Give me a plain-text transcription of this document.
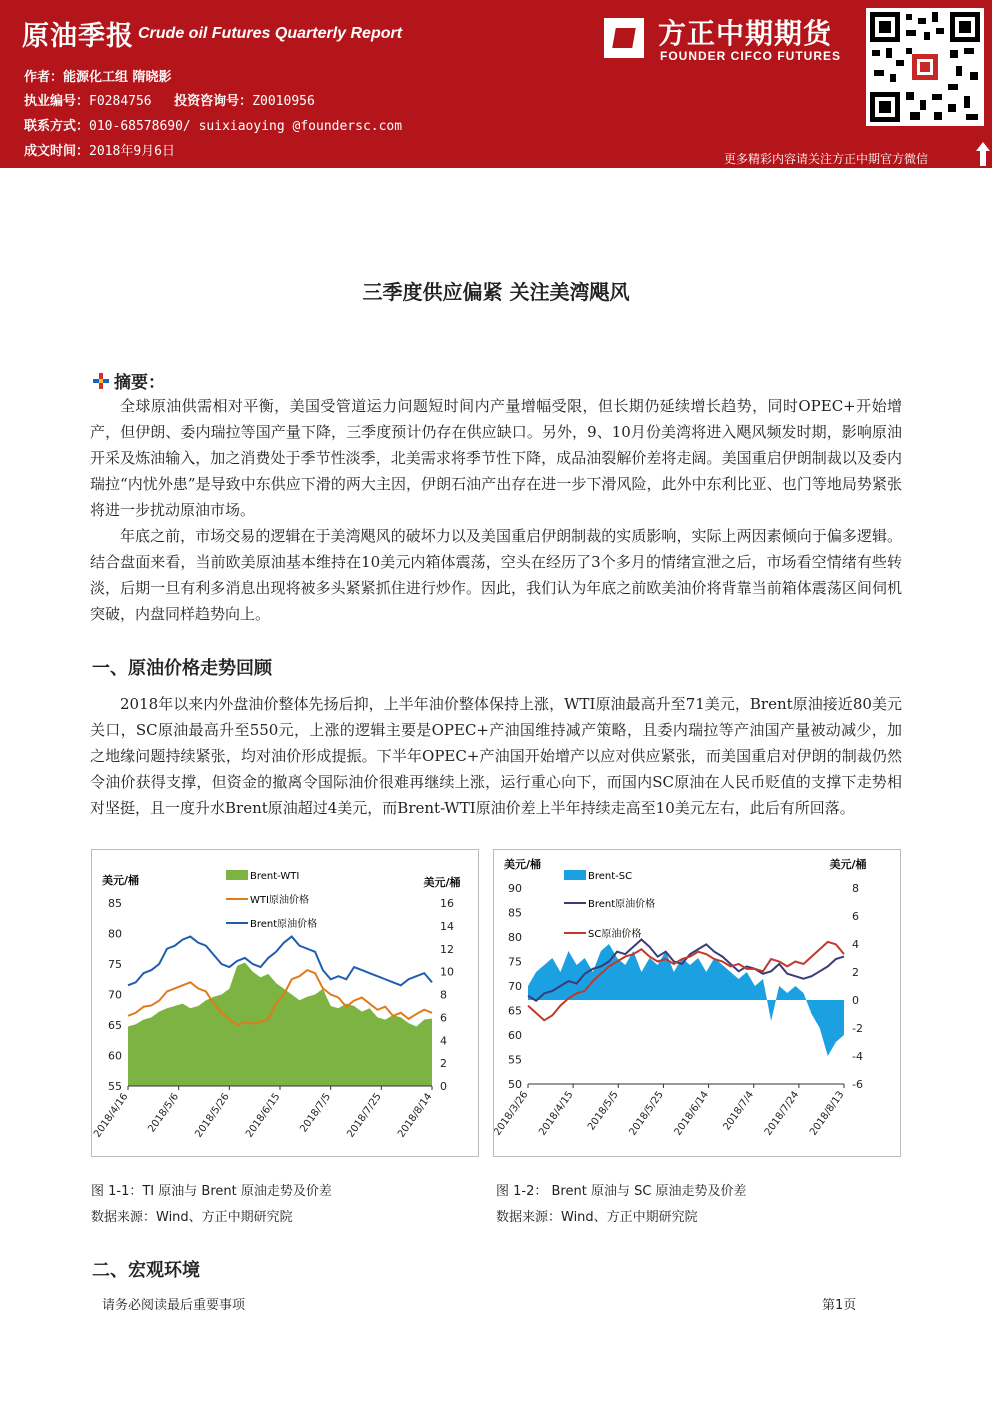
原油季报 Crude oil Futures Quarterly Report
作者：能源化工组 隋晓影
执业编号：F0284756 投资咨询号：Z0010956
联系方式：010-68578690/ suixiaoying @foundersc.com
成文时间：2018年9月6日
方正中期期货
FOUNDER CIFCO FUTURES
更多精彩内容请关注方正中期官方微信
三季度供应偏紧 关注美湾飓风
摘要：
全球原油供需相对平衡，美国受管道运力问题短时间内产量增幅受限，但长期仍延续增长趋势，同时OPEC+开始增产，但伊朗、委内瑞拉等国产量下降，三季度预计仍存在供应缺口。另外，9、10月份美湾将进入飓风频发时期，影响原油开采及炼油输入，加之消费处于季节性淡季，北美需求将季节性下降，成品油裂解价差将走阔。美国重启伊朗制裁以及委内瑞拉“内忧外患”是导致中东供应下滑的两大主因，伊朗石油产出存在进一步下滑风险，此外中东利比亚、也门等地局势紧张将进一步扰动原油市场。
年底之前，市场交易的逻辑在于美湾飓风的破坏力以及美国重启伊朗制裁的实质影响，实际上两因素倾向于偏多逻辑。结合盘面来看，当前欧美原油基本维持在10美元内箱体震荡，空头在经历了3个多月的情绪宣泄之后，市场看空情绪有些转淡，后期一旦有利多消息出现将被多头紧紧抓住进行炒作。因此，我们认为年底之前欧美油价将背靠当前箱体震荡区间伺机突破，内盘同样趋势向上。
一、原油价格走势回顾
2018年以来内外盘油价整体先扬后抑，上半年油价整体保持上涨，WTI原油最高升至71美元，Brent原油接近80美元关口，SC原油最高升至550元，上涨的逻辑主要是OPEC+产油国维持减产策略，且委内瑞拉等产油国产量被动减少，加之地缘问题持续紧张，均对油价形成提振。下半年OPEC+产油国开始增产以应对供应紧张，而美国重启对伊朗的制裁仍然令油价获得支撑，但资金的撤离令国际油价很难再继续上涨，运行重心向下，而国内SC原油在人民币贬值的支撑下走势相对坚挺，且一度升水Brent原油超过4美元，而Brent-WTI原油价差上半年持续走高至10美元左右，此后有所回落。
美元/桶	美元/桶
55
60
65
70
75
80
85
0
2
4
6
8
10
12
14
16
2018/4/16 2018/5/6 2018/5/26 2018/6/15 2018/7/5 2018/7/25 2018/8/14
Brent-WTI
WTI原油价格
Brent原油价格
图 1-1：TI 原油与 Brent 原油走势及价差
数据来源：Wind、方正中期研究院
美元/桶	美元/桶
50
55
60
65
70
75
80
85
90
-6
-4
-2
0
2
4
6
8
2018/3/26 2018/4/15 2018/5/5 2018/5/25 2018/6/14 2018/7/4 2018/7/24 2018/8/13
Brent-SC
Brent原油价格
SC原油价格
图 1-2： Brent 原油与 SC 原油走势及价差
数据来源：Wind、方正中期研究院
二、宏观环境
请务必阅读最后重要事项	第1页
